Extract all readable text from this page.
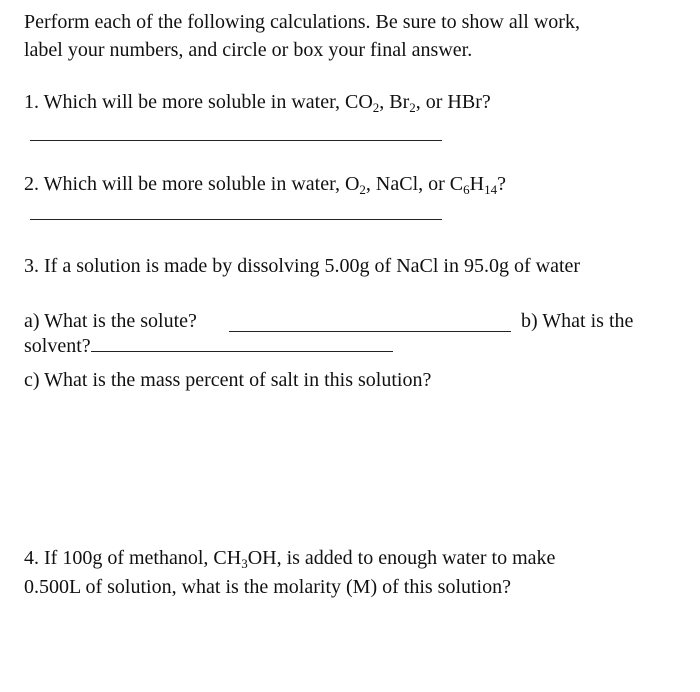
Perform each of the following calculations. Be sure to show all work,
label your numbers, and circle or box your final answer.
1. Which will be more soluble in water, $CO_2$, $Br_2$, or HBr?
2. Which will be more soluble in water, $O_2$, NaCl, or $C_6H_{14}$?
3. If a solution is made by dissolving 5.00g of NaCl in 95.0g of water
a) What is the solute?	b) What is the
solvent?
c) What is the mass percent of salt in this solution?
4. If 100g of methanol, $CH_3OH$, is added to enough water to make
0.500L of solution, what is the molarity (M) of this solution?
